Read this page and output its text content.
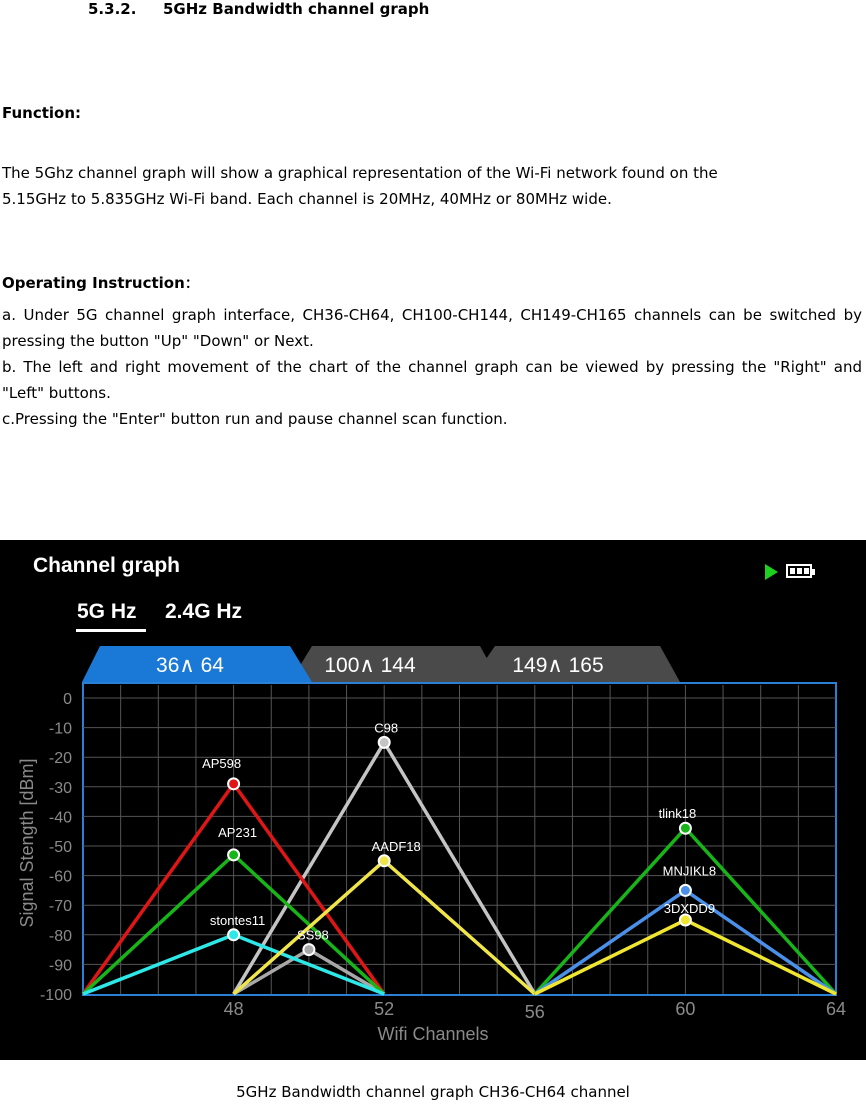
5.3.2. 5GHz Bandwidth channel graph
Function:

The 5Ghz channel graph will show a graphical representation of the Wi-Fi network found on the

5.15GHz to 5.835GHz Wi-Fi band. Each channel is 20MHz, 40MHz or 80MHz wide.

Operating Instruction：

a. Under 5G channel graph interface, CH36-CH64, CH100-CH144, CH149-CH165 channels can be switched by pressing the button "Up" "Down" or Next.

b. The left and right movement of the chart of the channel graph can be viewed by pressing the "Right" and "Left" buttons.

c.Pressing the "Enter" button run and pause channel scan function.

Channel graph
5G Hz 2.4G Hz
36∧ 64	100∧ 144	149∧ 165
0
-10
-20
-30
-40
-50
-60
-70
-80
-90
-100
48	52	56	60	64
C98
SS98
AP598
AP231
stontes11
AADF18
tlink18
MNJIKL8
3DXDD9
Wifi Channels
Signal Stength [dBm]
5GHz Bandwidth channel graph CH36-CH64 channel
